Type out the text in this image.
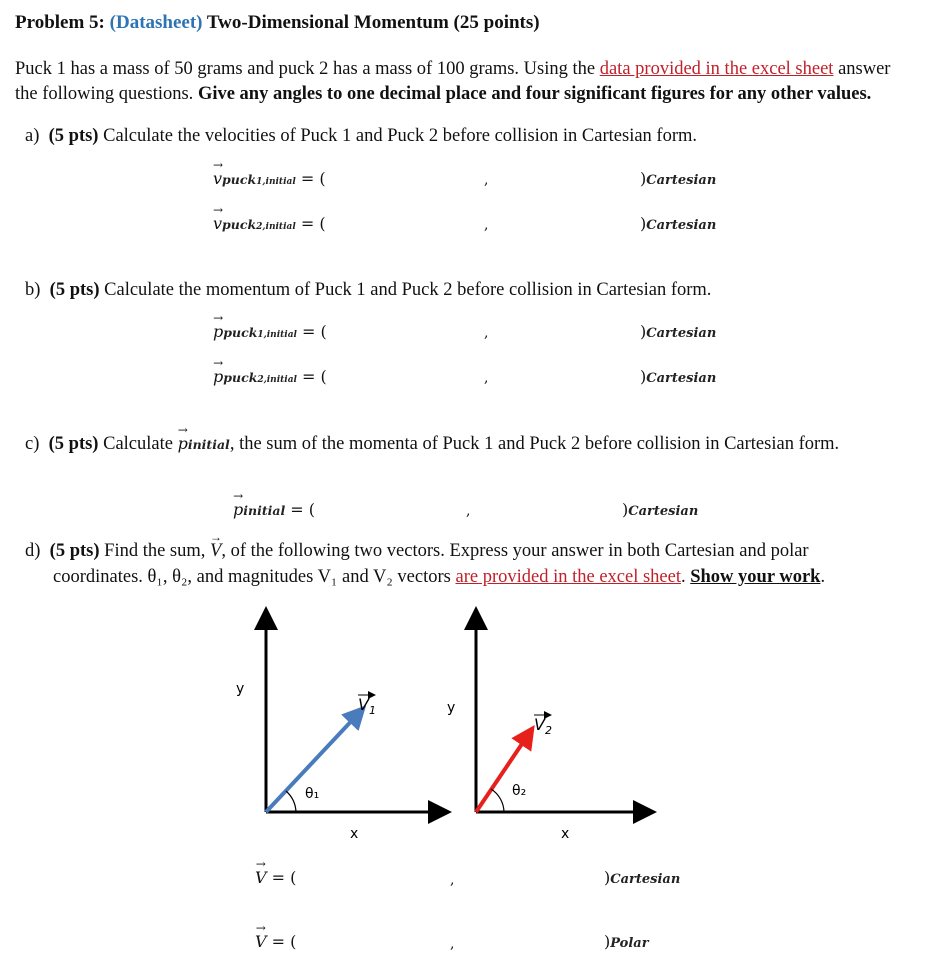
Problem 5: (Datasheet) Two-Dimensional Momentum (25 points)
Puck 1 has a mass of 50 grams and puck 2 has a mass of 100 grams. Using the data provided in the excel sheet answer
the following questions. Give any angles to one decimal place and four significant figures for any other values.
a) (5 pts) Calculate the velocities of Puck 1 and Puck 2 before collision in Cartesian form.
→ vpuck1,initial = (	,	)Cartesian
→ vpuck2,initial = (	,	)Cartesian
b) (5 pts) Calculate the momentum of Puck 1 and Puck 2 before collision in Cartesian form.
→ ppuck1,initial = (	,	)Cartesian
→ ppuck2,initial = (	,	)Cartesian
c) (5 pts) Calculate → pinitial, the sum of the momenta of Puck 1 and Puck 2 before collision in Cartesian form.
→ pinitial = (	,	)Cartesian
d) (5 pts) Find the sum, → V, of the following two vectors. Express your answer in both Cartesian and polar
coordinates. θ₁, θ₂, and magnitudes V₁ and V₂ vectors are provided in the excel sheet. Show your work.
y
x
θ₁
$V_1$	y
x
θ₂
$V_2$
→ V = (	,	)Cartesian
→ V = (	,	)Polar
